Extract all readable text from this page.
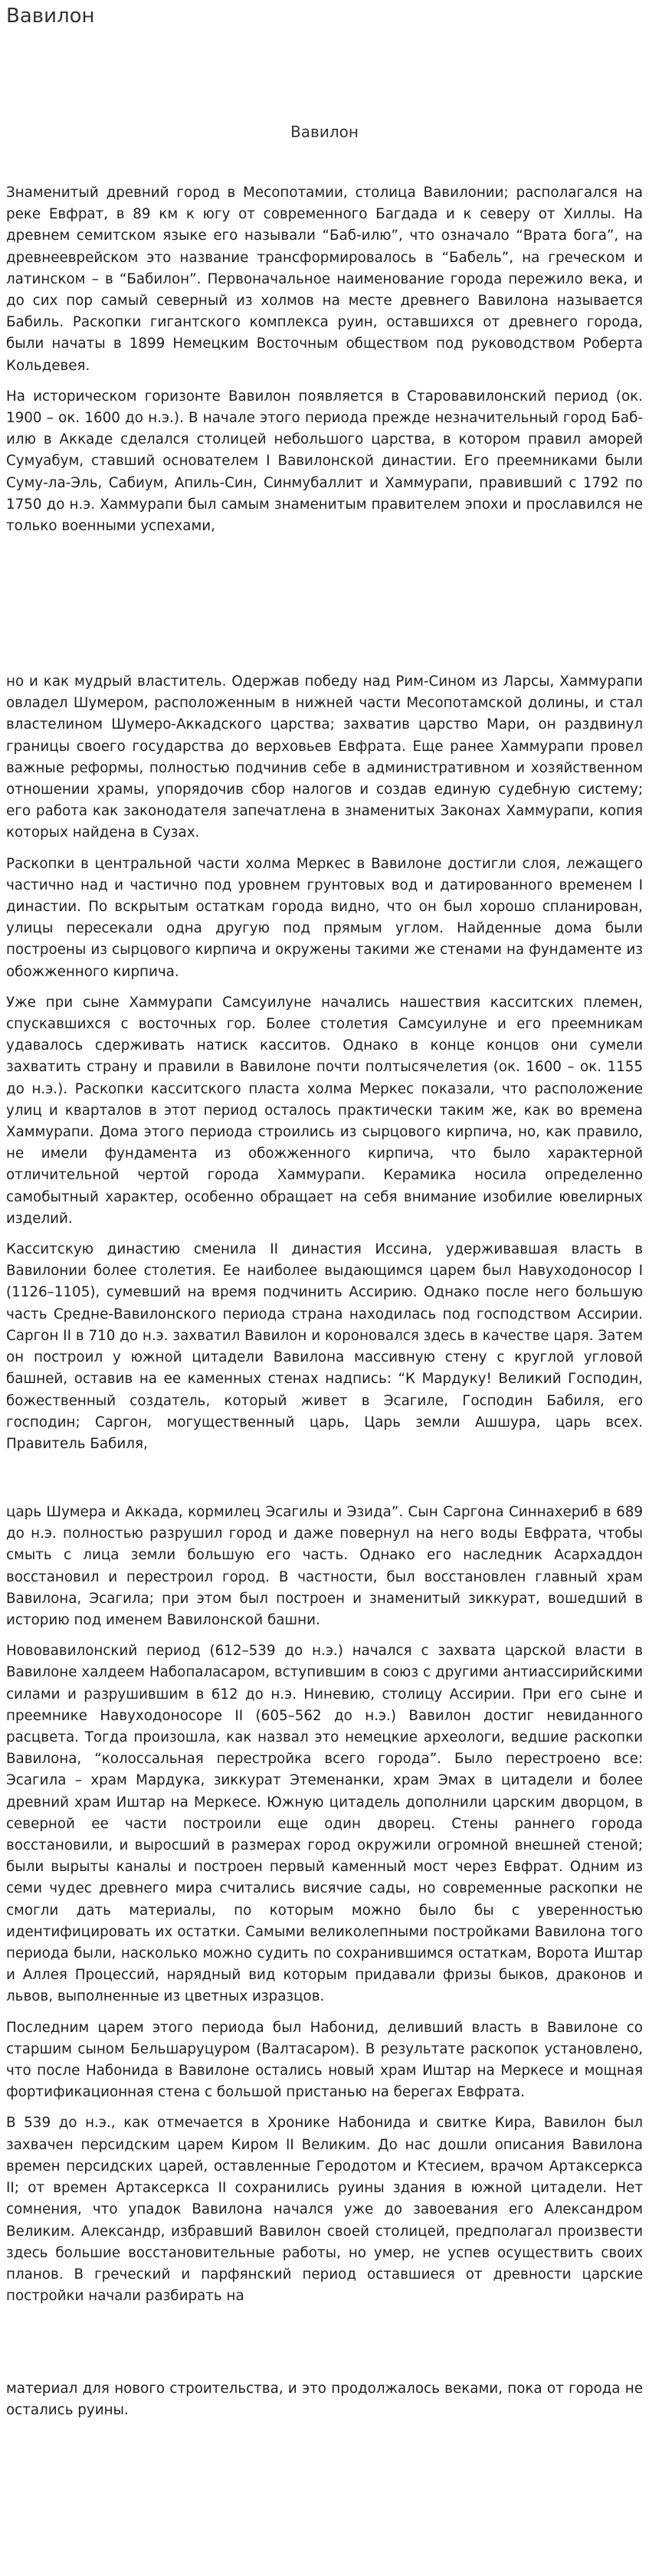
Вавилон
Вавилон

Знаменитый древний город в Месопотамии, столица Вавилонии; располагался на реке Евфрат, в 89 км к югу от современного Багдада и к северу от Хиллы. На древнем семитском языке его называли “Баб-илю”, что означало “Врата бога”, на древнееврейском это название трансформировалось в “Бабель”, на греческом и латинском – в “Бабилон”. Первоначальное наименование города пережило века, и до сих пор самый северный из холмов на месте древнего Вавилона называется Бабиль. Раскопки гигантского комплекса руин, оставшихся от древнего города, были начаты в 1899 Немецким Восточным обществом под руководством Роберта Кольдевея.

На историческом горизонте Вавилон появляется в Старовавилонский период (ок. 1900 – ок. 1600 до н.э.). В начале этого периода прежде незначительный город Баб-илю в Аккаде сделался столицей небольшого царства, в котором правил аморей Сумуабум, ставший основателем I Вавилонской династии. Его преемниками были Суму-ла-Эль, Сабиум, Апиль-Син, Синмубаллит и Хаммурапи, правивший с 1792 по 1750 до н.э. Хаммурапи был самым знаменитым правителем эпохи и прославился не только военными успехами,

но и как мудрый властитель. Одержав победу над Рим-Сином из Ларсы, Хаммурапи овладел Шумером, расположенным в нижней части Месопотамской долины, и стал властелином Шумеро-Аккадского царства; захватив царство Мари, он раздвинул границы своего государства до верховьев Евфрата. Еще ранее Хаммурапи провел важные реформы, полностью подчинив себе в административном и хозяйственном отношении храмы, упорядочив сбор налогов и создав единую судебную систему; его работа как законодателя запечатлена в знаменитых Законах Хаммурапи, копия которых найдена в Сузах.

Раскопки в центральной части холма Меркес в Вавилоне достигли слоя, лежащего частично над и частично под уровнем грунтовых вод и датированного временем I династии. По вскрытым остаткам города видно, что он был хорошо спланирован, улицы пересекали одна другую под прямым углом. Найденные дома были построены из сырцового кирпича и окружены такими же стенами на фундаменте из обожженного кирпича.

Уже при сыне Хаммурапи Самсуилуне начались нашествия касситских племен, спускавшихся с восточных гор. Более столетия Самсуилуне и его преемникам удавалось сдерживать натиск касситов. Однако в конце концов они сумели захватить страну и правили в Вавилоне почти полтысячелетия (ок. 1600 – ок. 1155 до н.э.). Раскопки касситского пласта холма Меркес показали, что расположение улиц и кварталов в этот период осталось практически таким же, как во времена Хаммурапи. Дома этого периода строились из сырцового кирпича, но, как правило, не имели фундамента из обожженного кирпича, что было характерной отличительной чертой города Хаммурапи. Керамика носила определенно самобытный характер, особенно обращает на себя внимание изобилие ювелирных изделий.

Касситскую династию сменила II династия Иссина, удерживавшая власть в Вавилонии более столетия. Ее наиболее выдающимся царем был Навуходоносор I (1126–1105), сумевший на время подчинить Ассирию. Однако после него большую часть Средне-Вавилонского периода страна находилась под господством Ассирии. Саргон II в 710 до н.э. захватил Вавилон и короновался здесь в качестве царя. Затем он построил у южной цитадели Вавилона массивную стену с круглой угловой башней, оставив на ее каменных стенах надпись: “К Мардуку! Великий Господин, божественный создатель, который живет в Эсагиле, Господин Бабиля, его господин; Саргон, могущественный царь, Царь земли Ашшура, царь всех. Правитель Бабиля,

царь Шумера и Аккада, кормилец Эсагилы и Эзида”. Сын Саргона Синнахериб в 689 до н.э. полностью разрушил город и даже повернул на него воды Евфрата, чтобы смыть с лица земли большую его часть. Однако его наследник Асархаддон восстановил и перестроил город. В частности, был восстановлен главный храм Вавилона, Эсагила; при этом был построен и знаменитый зиккурат, вошедший в историю под именем Вавилонской башни.

Нововавилонский период (612–539 до н.э.) начался с захвата царской власти в Вавилоне халдеем Набопаласаром, вступившим в союз с другими антиассирийскими силами и разрушившим в 612 до н.э. Ниневию, столицу Ассирии. При его сыне и преемнике Навуходоносоре II (605–562 до н.э.) Вавилон достиг невиданного расцвета. Тогда произошла, как назвал это немецкие археологи, ведшие раскопки Вавилона, “колоссальная перестройка всего города”. Было перестроено все: Эсагила – храм Мардука, зиккурат Этеменанки, храм Эмах в цитадели и более древний храм Иштар на Меркесе. Южную цитадель дополнили царским дворцом, в северной ее части построили еще один дворец. Стены раннего города восстановили, и выросший в размерах город окружили огромной внешней стеной; были вырыты каналы и построен первый каменный мост через Евфрат. Одним из семи чудес древнего мира считались висячие сады, но современные раскопки не смогли дать материалы, по которым можно было бы с уверенностью идентифицировать их остатки. Самыми великолепными постройками Вавилона того периода были, насколько можно судить по сохранившимся остаткам, Ворота Иштар и Аллея Процессий, нарядный вид которым придавали фризы быков, драконов и львов, выполненные из цветных изразцов.

Последним царем этого периода был Набонид, деливший власть в Вавилоне со старшим сыном Бельшаруцуром (Валтасаром). В результате раскопок установлено, что после Набонида в Вавилоне остались новый храм Иштар на Меркесе и мощная фортификационная стена с большой пристанью на берегах Евфрата.

В 539 до н.э., как отмечается в Хронике Набонида и свитке Кира, Вавилон был захвачен персидским царем Киром II Великим. До нас дошли описания Вавилона времен персидских царей, оставленные Геродотом и Ктесием, врачом Артаксеркса II; от времен Артаксеркса II сохранились руины здания в южной цитадели. Нет сомнения, что упадок Вавилона начался уже до завоевания его Александром Великим. Александр, избравший Вавилон своей столицей, предполагал произвести здесь большие восстановительные работы, но умер, не успев осуществить своих планов. В греческий и парфянский период оставшиеся от древности царские постройки начали разбирать на

материал для нового строительства, и это продолжалось веками, пока от города не остались руины.
